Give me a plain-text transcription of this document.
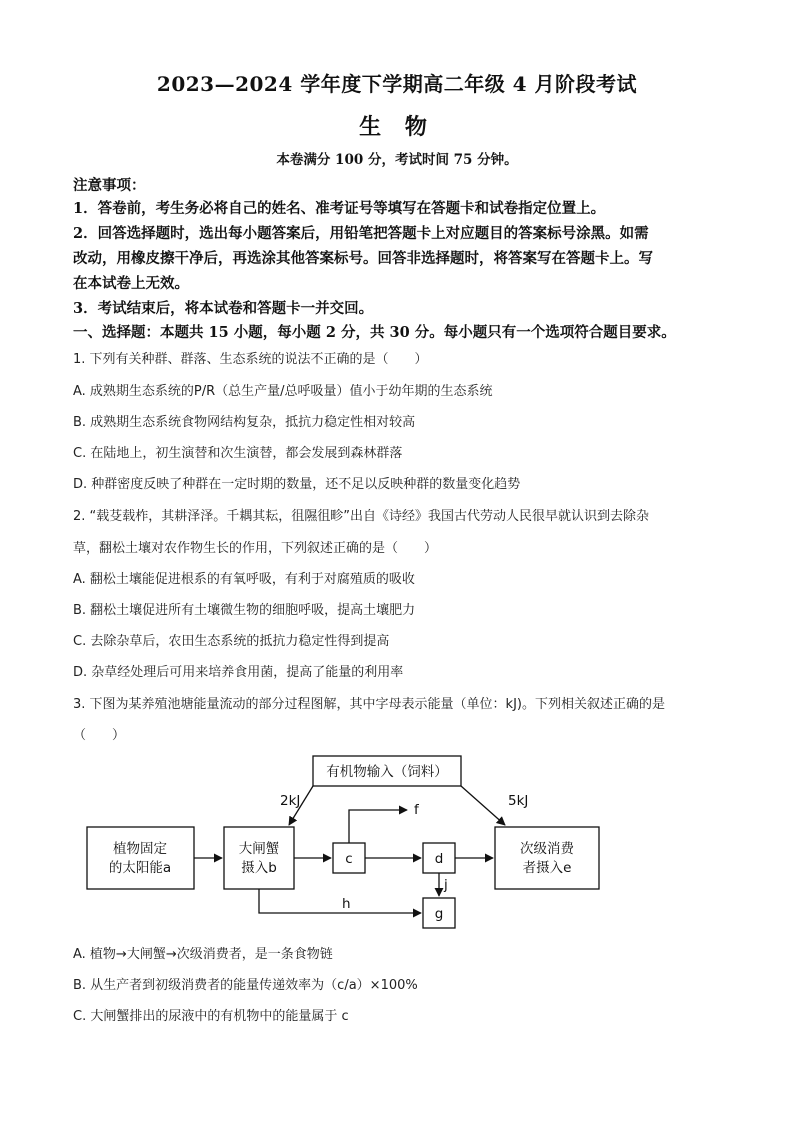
2023—2024 学年度下学期高二年级 4 月阶段考试
生 物
本卷满分 100 分，考试时间 75 分钟。
注意事项：
1．答卷前，考生务必将自己的姓名、准考证号等填写在答题卡和试卷指定位置上。
2．回答选择题时，选出每小题答案后，用铅笔把答题卡上对应题目的答案标号涂黑。如需
改动，用橡皮擦干净后，再选涂其他答案标号。回答非选择题时，将答案写在答题卡上。写
在本试卷上无效。
3．考试结束后，将本试卷和答题卡一并交回。
一、选择题：本题共 15 小题，每小题 2 分，共 30 分。每小题只有一个选项符合题目要求。
1. 下列有关种群、群落、生态系统的说法不正确的是（　　）
A. 成熟期生态系统的P/R（总生产量/总呼吸量）值小于幼年期的生态系统
B. 成熟期生态系统食物网结构复杂，抵抗力稳定性相对较高
C. 在陆地上，初生演替和次生演替，都会发展到森林群落
D. 种群密度反映了种群在一定时期的数量，还不足以反映种群的数量变化趋势
2. “载芟载柞，其耕泽泽。千耦其耘，徂隰徂畛”出自《诗经》我国古代劳动人民很早就认识到去除杂
草，翻松土壤对农作物生长的作用，下列叙述正确的是（　　）
A. 翻松土壤能促进根系的有氧呼吸，有利于对腐殖质的吸收
B. 翻松土壤促进所有土壤微生物的细胞呼吸，提高土壤肥力
C. 去除杂草后，农田生态系统的抵抗力稳定性得到提高
D. 杂草经处理后可用来培养食用菌，提高了能量的利用率
3. 下图为某养殖池塘能量流动的部分过程图解，其中字母表示能量（单位：kJ)。下列相关叙述正确的是
（　　）
有机物输入（饲料）
2kJ	5kJ
植物固定
的太阳能a
大闸蟹
摄入b
c	d
g
f
j
h
次级消费
者摄入e
A. 植物→大闸蟹→次级消费者，是一条食物链
B. 从生产者到初级消费者的能量传递效率为（c/a）×100%
C. 大闸蟹排出的尿液中的有机物中的能量属于 c
